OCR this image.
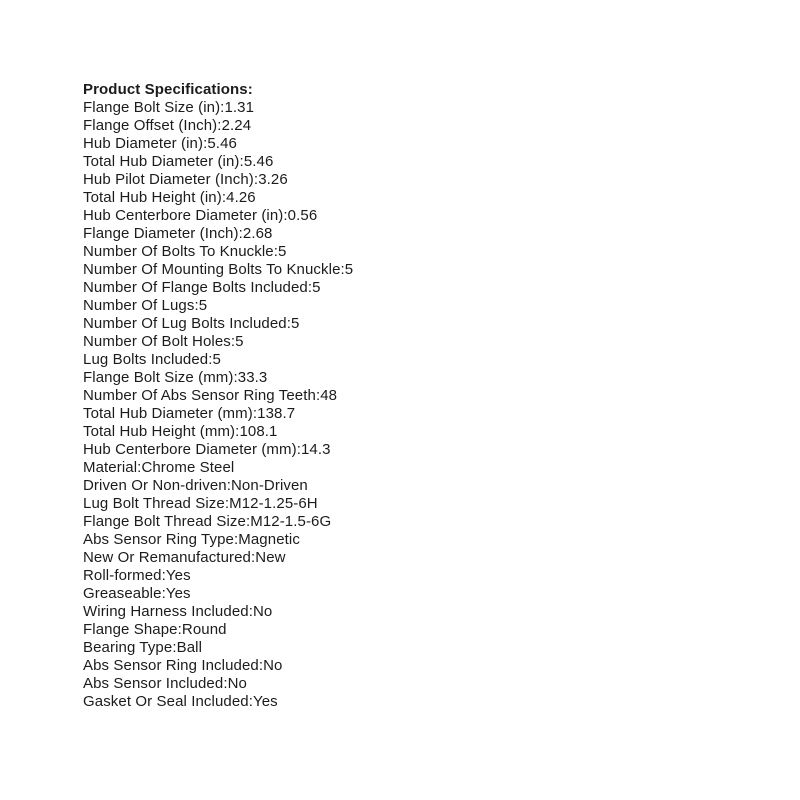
Product Specifications:
Flange Bolt Size (in):1.31
Flange Offset (Inch):2.24
Hub Diameter (in):5.46
Total Hub Diameter (in):5.46
Hub Pilot Diameter (Inch):3.26
Total Hub Height (in):4.26
Hub Centerbore Diameter (in):0.56
Flange Diameter (Inch):2.68
Number Of Bolts To Knuckle:5
Number Of Mounting Bolts To Knuckle:5
Number Of Flange Bolts Included:5
Number Of Lugs:5
Number Of Lug Bolts Included:5
Number Of Bolt Holes:5
Lug Bolts Included:5
Flange Bolt Size (mm):33.3
Number Of Abs Sensor Ring Teeth:48
Total Hub Diameter (mm):138.7
Total Hub Height (mm):108.1
Hub Centerbore Diameter (mm):14.3
Material:Chrome Steel
Driven Or Non-driven:Non-Driven
Lug Bolt Thread Size:M12-1.25-6H
Flange Bolt Thread Size:M12-1.5-6G
Abs Sensor Ring Type:Magnetic
New Or Remanufactured:New
Roll-formed:Yes
Greaseable:Yes
Wiring Harness Included:No
Flange Shape:Round
Bearing Type:Ball
Abs Sensor Ring Included:No
Abs Sensor Included:No
Gasket Or Seal Included:Yes
